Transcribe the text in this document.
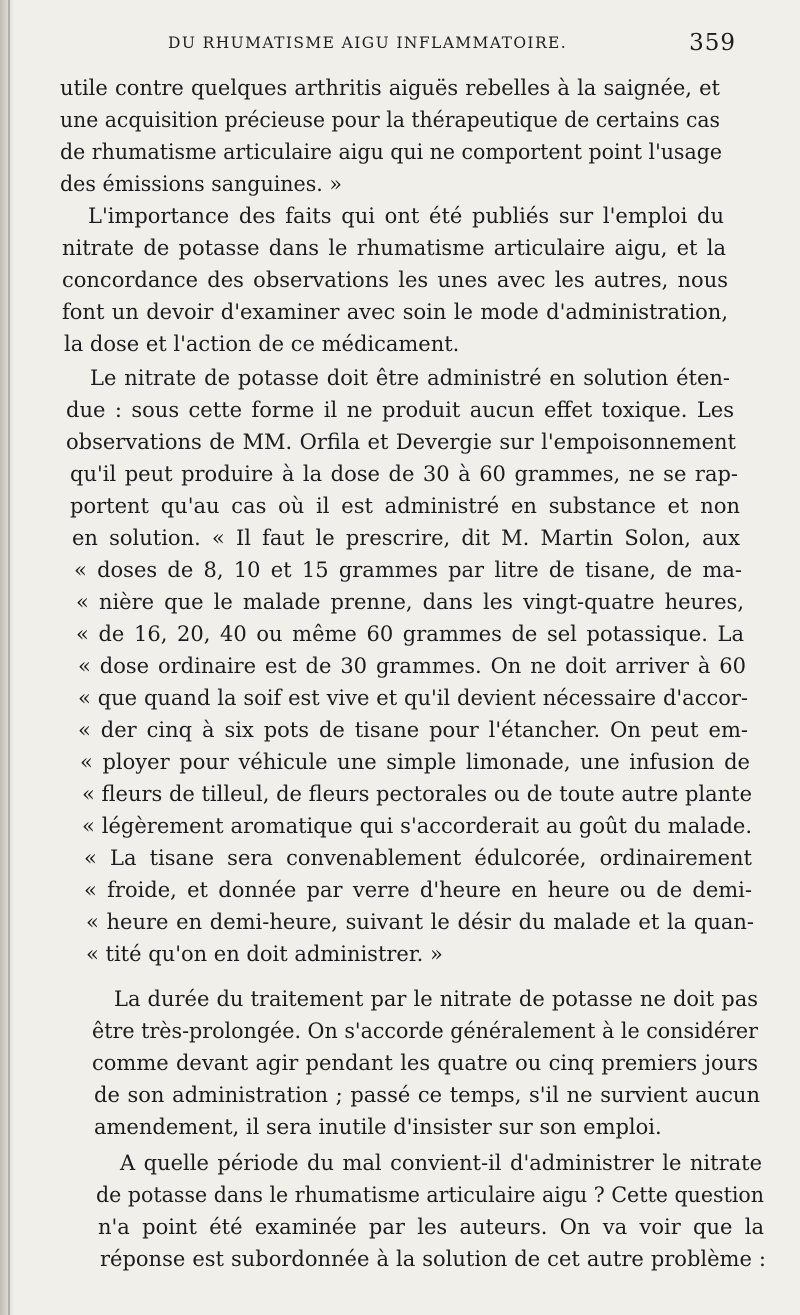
DU RHUMATISME AIGU INFLAMMATOIRE.	359
utile contre quelques arthritis aiguës rebelles à la saignée, et
une acquisition précieuse pour la thérapeutique de certains cas
de rhumatisme articulaire aigu qui ne comportent point l'usage
des émissions sanguines. »
L'importance des faits qui ont été publiés sur l'emploi du
nitrate de potasse dans le rhumatisme articulaire aigu, et la
concordance des observations les unes avec les autres, nous
font un devoir d'examiner avec soin le mode d'administration,
la dose et l'action de ce médicament.
Le nitrate de potasse doit être administré en solution éten-
due : sous cette forme il ne produit aucun effet toxique. Les
observations de MM. Orfila et Devergie sur l'empoisonnement
qu'il peut produire à la dose de 30 à 60 grammes, ne se rap-
portent qu'au cas où il est administré en substance et non
en solution. « Il faut le prescrire, dit M. Martin Solon, aux
« doses de 8, 10 et 15 grammes par litre de tisane, de ma-
« nière que le malade prenne, dans les vingt-quatre heures,
« de 16, 20, 40 ou même 60 grammes de sel potassique. La
« dose ordinaire est de 30 grammes. On ne doit arriver à 60
« que quand la soif est vive et qu'il devient nécessaire d'accor-
« der cinq à six pots de tisane pour l'étancher. On peut em-
« ployer pour véhicule une simple limonade, une infusion de
« fleurs de tilleul, de fleurs pectorales ou de toute autre plante
« légèrement aromatique qui s'accorderait au goût du malade.
« La tisane sera convenablement édulcorée, ordinairement
« froide, et donnée par verre d'heure en heure ou de demi-
« heure en demi-heure, suivant le désir du malade et la quan-
« tité qu'on en doit administrer. »
La durée du traitement par le nitrate de potasse ne doit pas
être très-prolongée. On s'accorde généralement à le considérer
comme devant agir pendant les quatre ou cinq premiers jours
de son administration ; passé ce temps, s'il ne survient aucun
amendement, il sera inutile d'insister sur son emploi.
A quelle période du mal convient-il d'administrer le nitrate
de potasse dans le rhumatisme articulaire aigu ? Cette question
n'a point été examinée par les auteurs. On va voir que la
réponse est subordonnée à la solution de cet autre problème :
